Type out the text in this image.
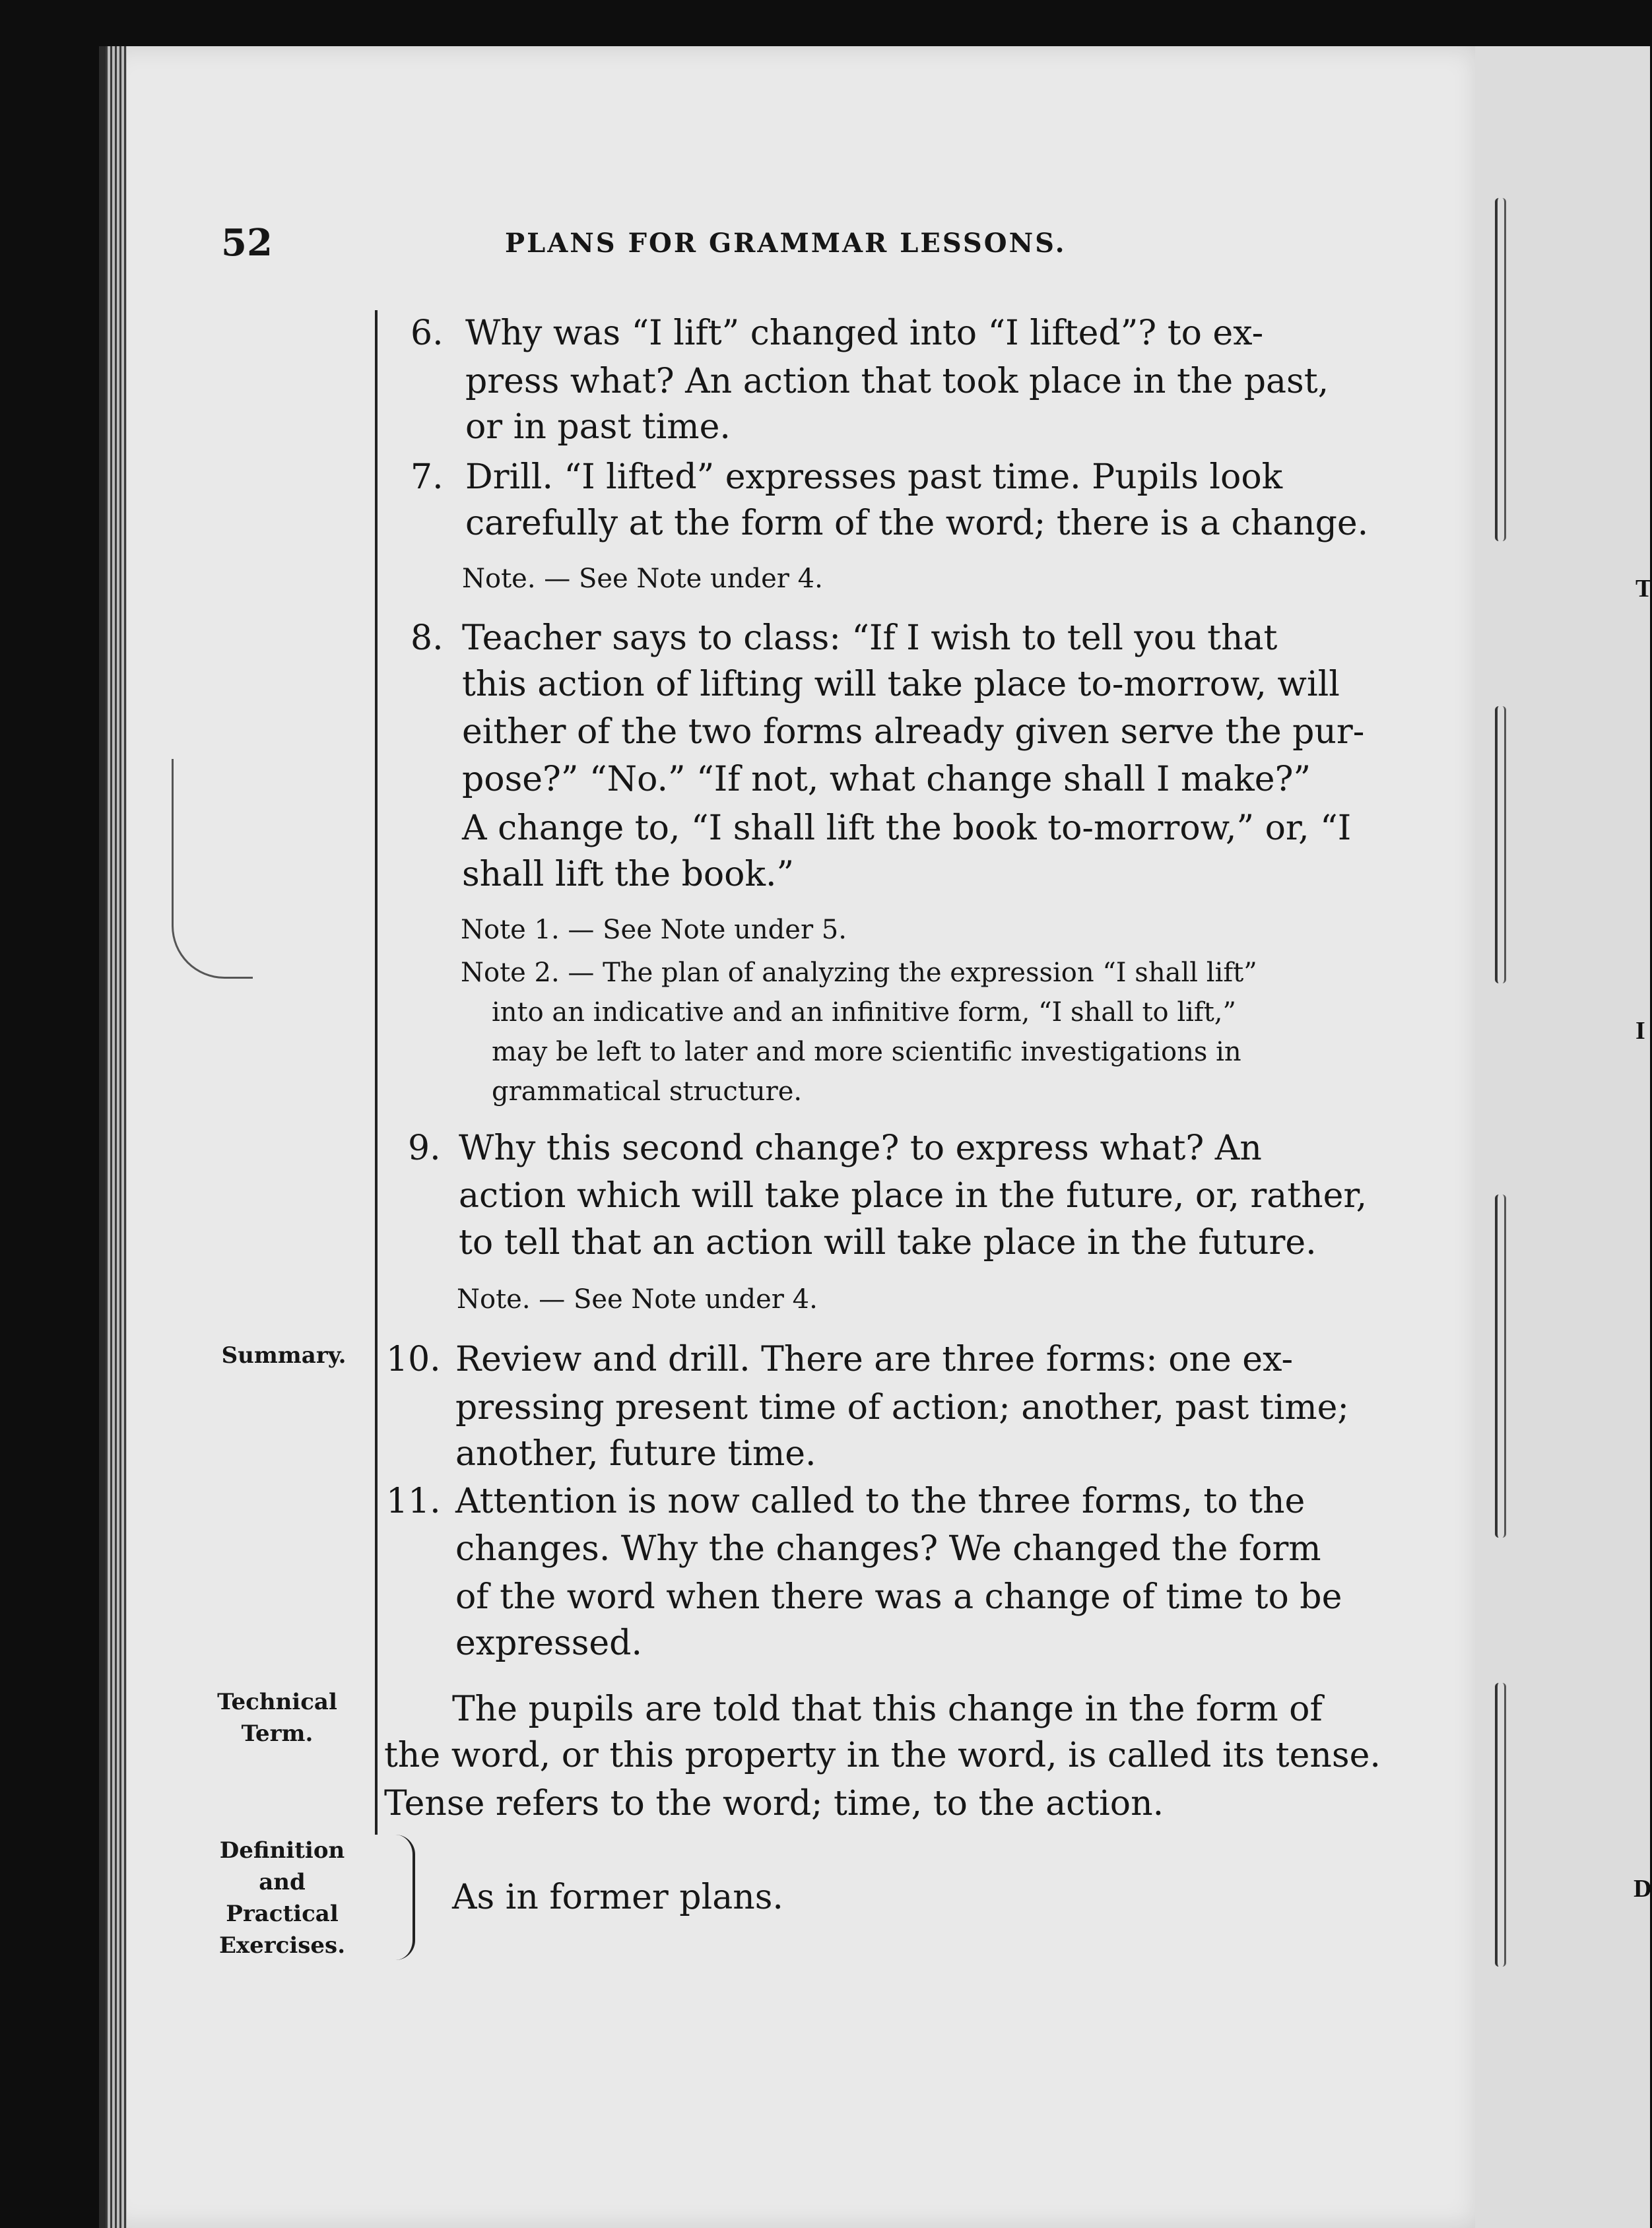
T
I
D
52	PLANS FOR GRAMMAR LESSONS.
Summary.
Technical
Term.
Definition
and
Practical
Exercises.
6. Why was “I lift” changed into “I lifted”? to ex-
press what? An action that took place in the past,
or in past time.
7. Drill. “I lifted” expresses past time. Pupils look
carefully at the form of the word; there is a change.
Note. — See Note under 4.
8. Teacher says to class: “If I wish to tell you that
this action of lifting will take place to-morrow, will
either of the two forms already given serve the pur-
pose?” “No.” “If not, what change shall I make?”
A change to, “I shall lift the book to-morrow,” or, “I
shall lift the book.”
Note 1. — See Note under 5.
Note 2. — The plan of analyzing the expression “I shall lift”
into an indicative and an infinitive form, “I shall to lift,”
may be left to later and more scientific investigations in
grammatical structure.
9. Why this second change? to express what? An
action which will take place in the future, or, rather,
to tell that an action will take place in the future.
Note. — See Note under 4.
10. Review and drill. There are three forms: one ex-
pressing present time of action; another, past time;
another, future time.
11. Attention is now called to the three forms, to the
changes. Why the changes? We changed the form
of the word when there was a change of time to be
expressed.
The pupils are told that this change in the form of
the word, or this property in the word, is called its tense.
Tense refers to the word; time, to the action.
As in former plans.
